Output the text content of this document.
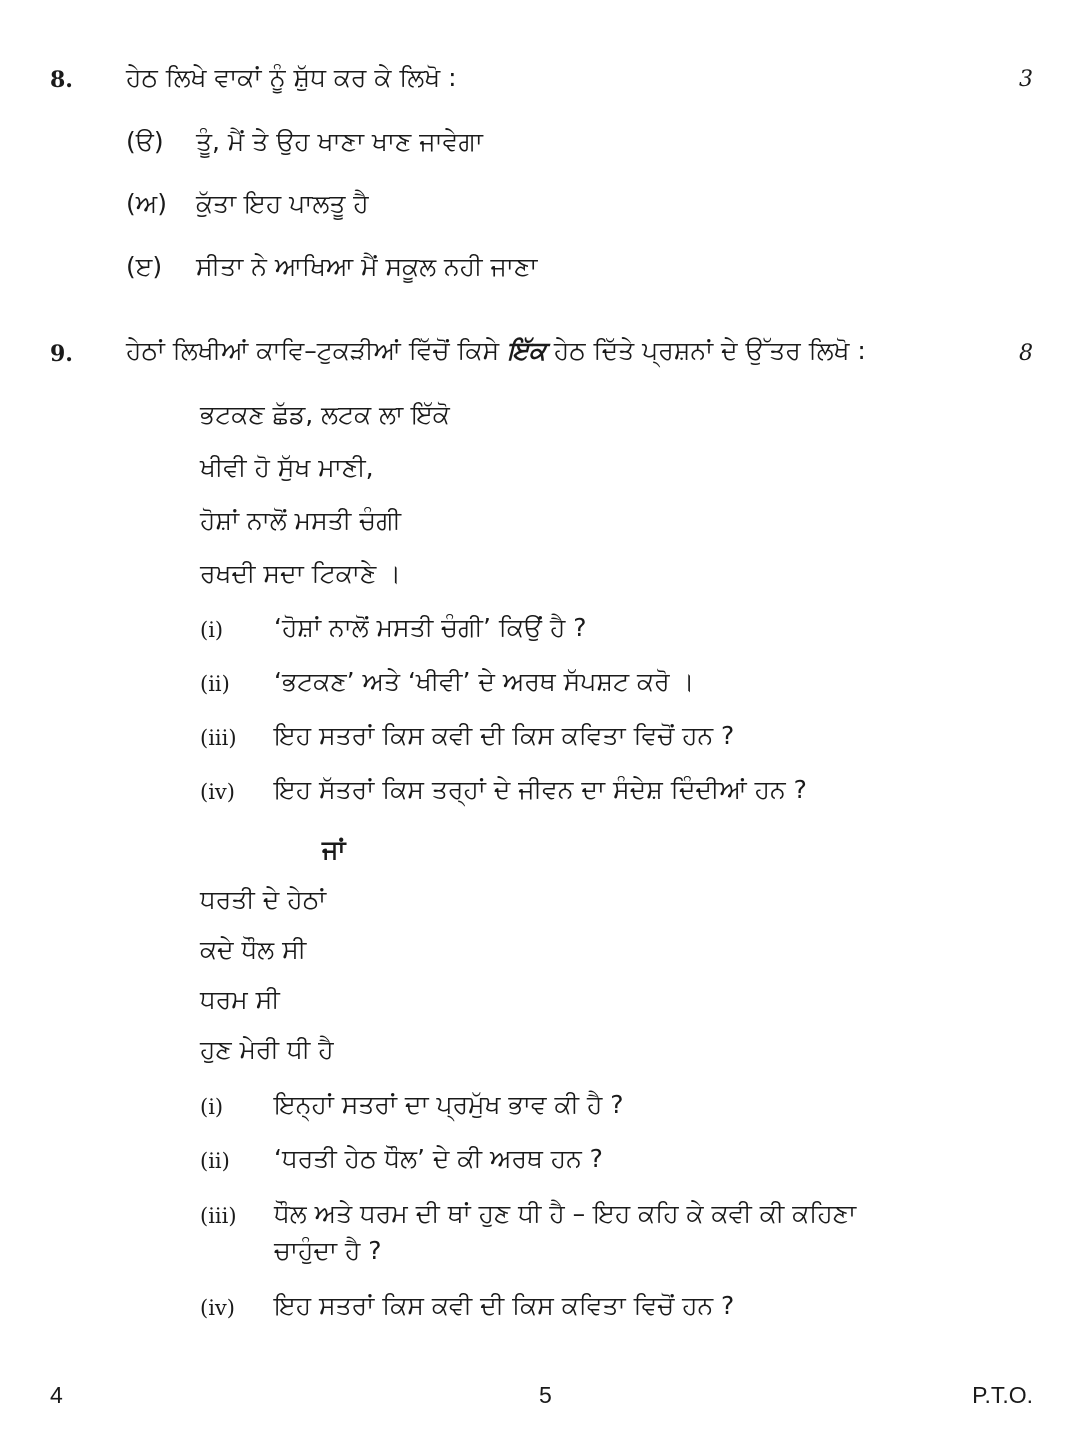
8. ਹੇਠ ਲਿਖੇ ਵਾਕਾਂ ਨੂੰ ਸ਼ੁੱਧ ਕਰ ਕੇ ਲਿਖੋ :	3
(ੳ) ਤੂੰ, ਮੈਂ ਤੇ ਉਹ ਖਾਣਾ ਖਾਣ ਜਾਵੇਗਾ
(ਅ) ਕੁੱਤਾ ਇਹ ਪਾਲਤੂ ਹੈ
(ੲ) ਸੀਤਾ ਨੇ ਆਖਿਆ ਮੈਂ ਸਕੂਲ ਨਹੀ ਜਾਣਾ
9. ਹੇਠਾਂ ਲਿਖੀਆਂ ਕਾਵਿ–ਟੁਕੜੀਆਂ ਵਿੱਚੋਂ ਕਿਸੇ ਇੱਕ ਹੇਠ ਦਿੱਤੇ ਪ੍ਰਸ਼ਨਾਂ ਦੇ ਉੱਤਰ ਲਿਖੋ :	8
ਭਟਕਣ ਛੱਡ, ਲਟਕ ਲਾ ਇੱਕੋ
ਖੀਵੀ ਹੋ ਸੁੱਖ ਮਾਣੀ,
ਹੋਸ਼ਾਂ ਨਾਲੋਂ ਮਸਤੀ ਚੰਗੀ
ਰਖਦੀ ਸਦਾ ਟਿਕਾਣੇ ।
(i) ‘ਹੋਸ਼ਾਂ ਨਾਲੋਂ ਮਸਤੀ ਚੰਗੀ’ ਕਿਉਂ ਹੈ ?
(ii) ‘ਭਟਕਣ’ ਅਤੇ ‘ਖੀਵੀ’ ਦੇ ਅਰਥ ਸੱਪਸ਼ਟ ਕਰੋ ।
(iii) ਇਹ ਸਤਰਾਂ ਕਿਸ ਕਵੀ ਦੀ ਕਿਸ ਕਵਿਤਾ ਵਿਚੋਂ ਹਨ ?
(iv) ਇਹ ਸੱਤਰਾਂ ਕਿਸ ਤਰ੍ਹਾਂ ਦੇ ਜੀਵਨ ਦਾ ਸੰਦੇਸ਼ ਦਿੰਦੀਆਂ ਹਨ ?
ਜਾਂ
ਧਰਤੀ ਦੇ ਹੇਠਾਂ
ਕਦੇ ਧੌਲ ਸੀ
ਧਰਮ ਸੀ
ਹੁਣ ਮੇਰੀ ਧੀ ਹੈ
(i) ਇਨ੍ਹਾਂ ਸਤਰਾਂ ਦਾ ਪ੍ਰਮੁੱਖ ਭਾਵ ਕੀ ਹੈ ?
(ii) ‘ਧਰਤੀ ਹੇਠ ਧੌਲ’ ਦੇ ਕੀ ਅਰਥ ਹਨ ?
(iii) ਧੌਲ ਅਤੇ ਧਰਮ ਦੀ ਥਾਂ ਹੁਣ ਧੀ ਹੈ – ਇਹ ਕਹਿ ਕੇ ਕਵੀ ਕੀ ਕਹਿਣਾ
ਚਾਹੁੰਦਾ ਹੈ ?
(iv) ਇਹ ਸਤਰਾਂ ਕਿਸ ਕਵੀ ਦੀ ਕਿਸ ਕਵਿਤਾ ਵਿਚੋਂ ਹਨ ?
4	5	P.T.O.
